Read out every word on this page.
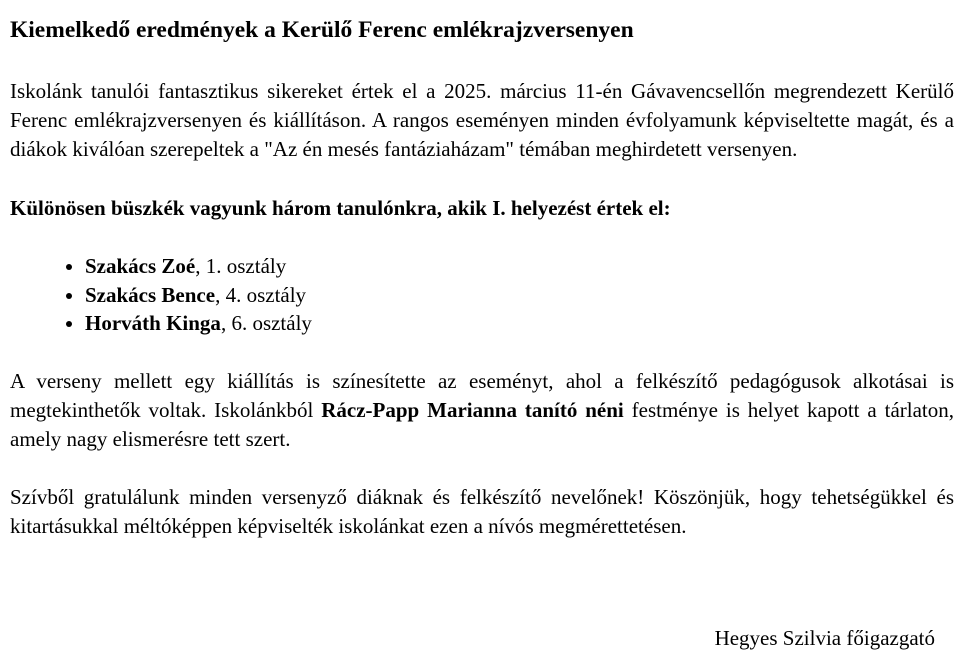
Kiemelkedő eredmények a Kerülő Ferenc emlékrajzversenyen

Iskolánk tanulói fantasztikus sikereket értek el a 2025. március 11-én Gávavencsellőn megrendezett Kerülő Ferenc emlékrajzversenyen és kiállításon. A rangos eseményen minden évfolyamunk képviseltette magát, és a diákok kiválóan szerepeltek a "Az én mesés fantáziaházam" témában meghirdetett versenyen.

Különösen büszkék vagyunk három tanulónkra, akik I. helyezést értek el:

• Szakács Zoé, 1. osztály
• Szakács Bence, 4. osztály
• Horváth Kinga, 6. osztály

A verseny mellett egy kiállítás is színesítette az eseményt, ahol a felkészítő pedagógusok alkotásai is megtekinthetők voltak. Iskolánkból Rácz-Papp Marianna tanító néni festménye is helyet kapott a tárlaton, amely nagy elismerésre tett szert.

Szívből gratulálunk minden versenyző diáknak és felkészítő nevelőnek! Köszönjük, hogy tehetségükkel és kitartásukkal méltóképpen képviselték iskolánkat ezen a nívós megmérettetésen.

Hegyes Szilvia főigazgató
